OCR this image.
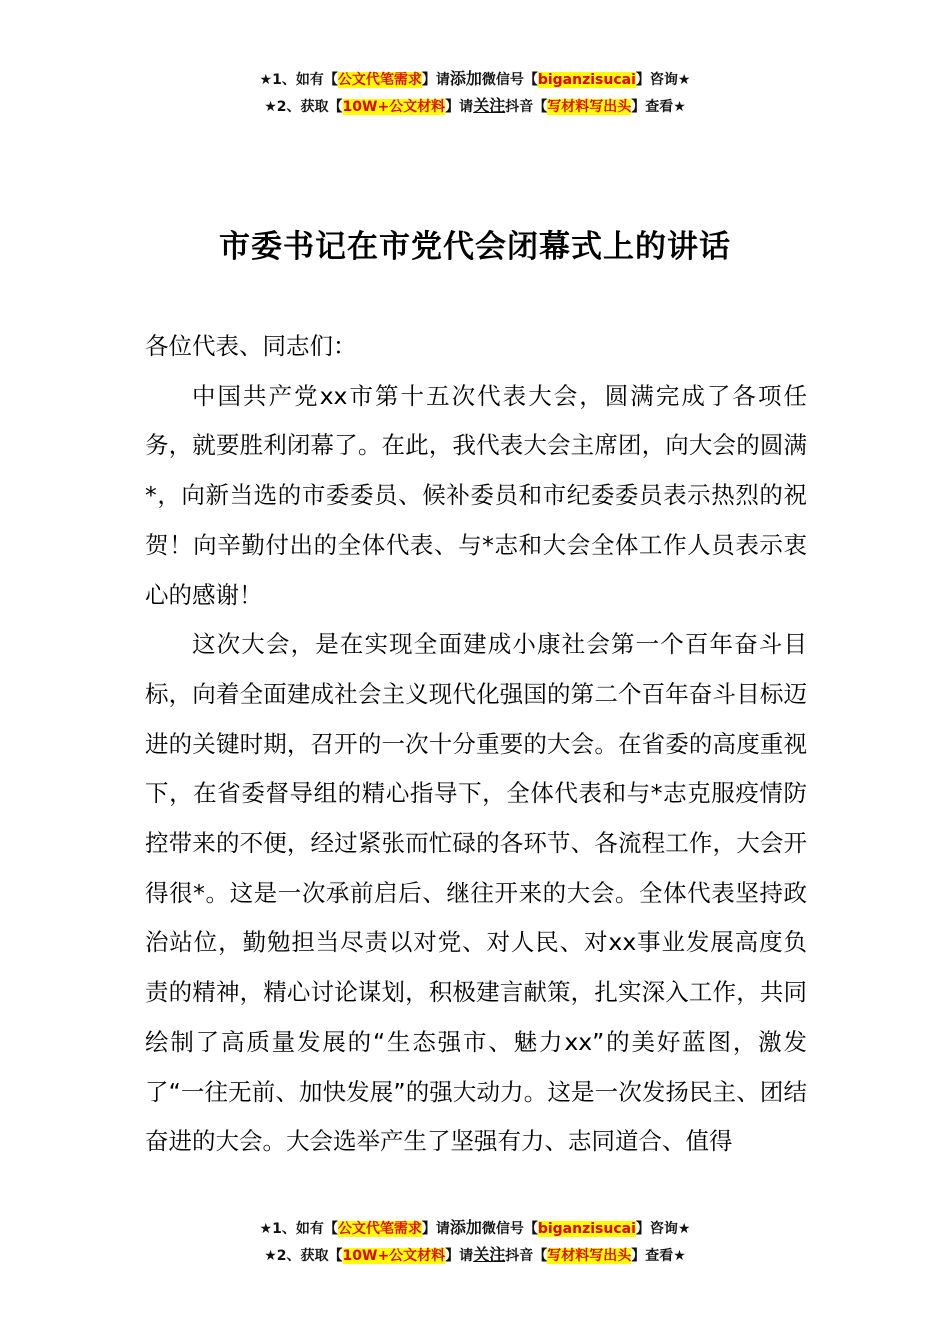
★1、如有【公文代笔需求】请添加微信号【biganzisucai】咨询★
★2、获取【10W+公文材料】请关注抖音【写材料写出头】查看★
市委书记在市党代会闭幕式上的讲话

各位代表、同志们：

中国共产党xx市第十五次代表大会，圆满完成了各项任务，就要胜利闭幕了。在此，我代表大会主席团，向大会的圆满*，向新当选的市委委员、候补委员和市纪委委员表示热烈的祝贺！向辛勤付出的全体代表、与*志和大会全体工作人员表示衷心的感谢！

这次大会，是在实现全面建成小康社会第一个百年奋斗目标，向着全面建成社会主义现代化强国的第二个百年奋斗目标迈进的关键时期，召开的一次十分重要的大会。在省委的高度重视下，在省委督导组的精心指导下，全体代表和与*志克服疫情防控带来的不便，经过紧张而忙碌的各环节、各流程工作，大会开得很*。这是一次承前启后、继往开来的大会。全体代表坚持政治站位，勤勉担当尽责以对党、对人民、对xx事业发展高度负责的精神，精心讨论谋划，积极建言献策，扎实深入工作，共同绘制了高质量发展的“生态强市、魅力xx”的美好蓝图，激发了“一往无前、加快发展”的强大动力。这是一次发扬民主、团结奋进的大会。大会选举产生了坚强有力、志同道合、值得

★1、如有【公文代笔需求】请添加微信号【biganzisucai】咨询★
★2、获取【10W+公文材料】请关注抖音【写材料写出头】查看★
